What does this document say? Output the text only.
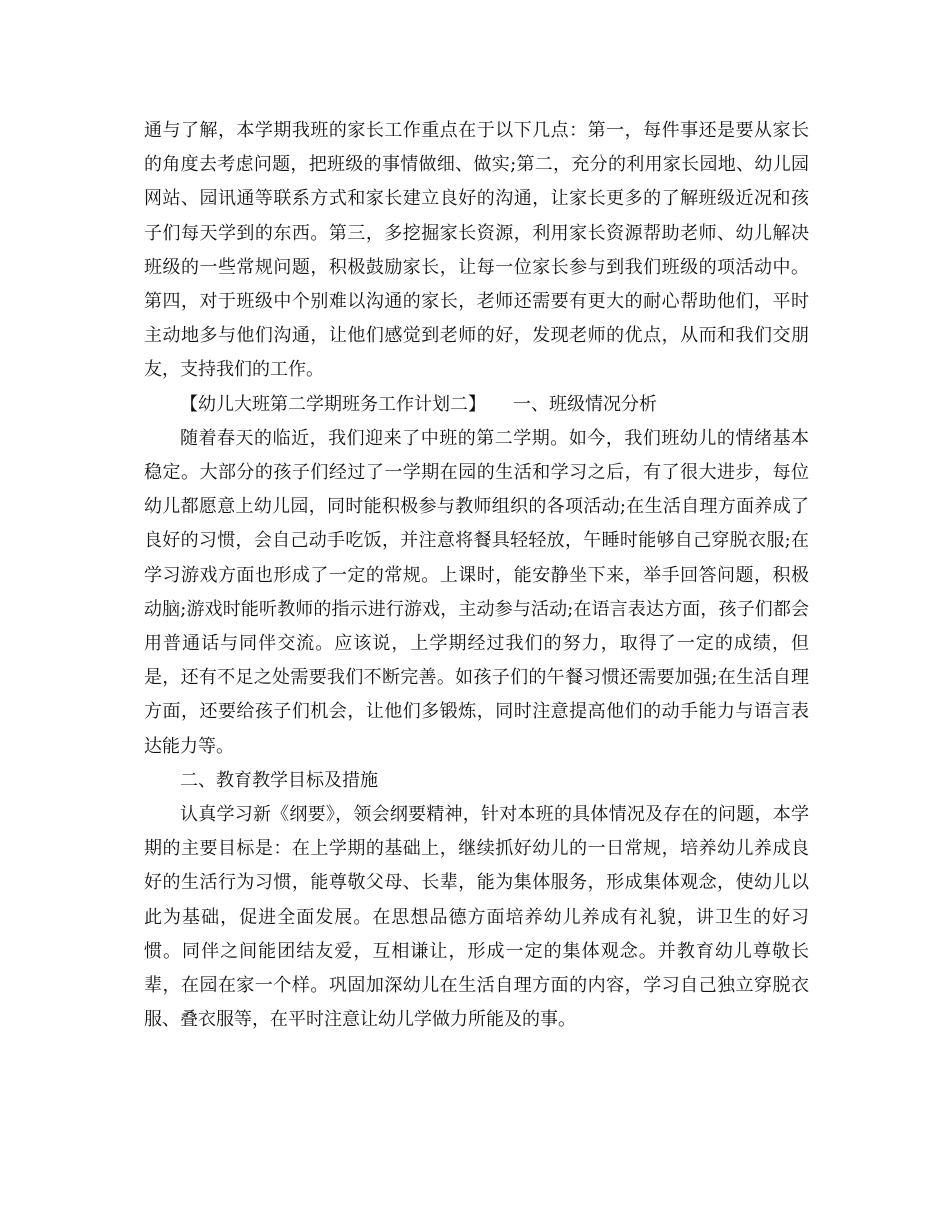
通与了解，本学期我班的家长工作重点在于以下几点：第一，每件事还是要从家长的角度去考虑问题，把班级的事情做细、做实;第二，充分的利用家长园地、幼儿园网站、园讯通等联系方式和家长建立良好的沟通，让家长更多的了解班级近况和孩子们每天学到的东西。第三，多挖掘家长资源，利用家长资源帮助老师、幼儿解决班级的一些常规问题，积极鼓励家长，让每一位家长参与到我们班级的项活动中。第四，对于班级中个别难以沟通的家长，老师还需要有更大的耐心帮助他们，平时主动地多与他们沟通，让他们感觉到老师的好，发现老师的优点，从而和我们交朋友，支持我们的工作。

【幼儿大班第二学期班务工作计划二】　　一、班级情况分析

随着春天的临近，我们迎来了中班的第二学期。如今，我们班幼儿的情绪基本稳定。大部分的孩子们经过了一学期在园的生活和学习之后，有了很大进步，每位幼儿都愿意上幼儿园，同时能积极参与教师组织的各项活动;在生活自理方面养成了良好的习惯，会自己动手吃饭，并注意将餐具轻轻放，午睡时能够自己穿脱衣服;在学习游戏方面也形成了一定的常规。上课时，能安静坐下来，举手回答问题，积极动脑;游戏时能听教师的指示进行游戏，主动参与活动;在语言表达方面，孩子们都会用普通话与同伴交流。应该说，上学期经过我们的努力，取得了一定的成绩，但是，还有不足之处需要我们不断完善。如孩子们的午餐习惯还需要加强;在生活自理方面，还要给孩子们机会，让他们多锻炼，同时注意提高他们的动手能力与语言表达能力等。

二、教育教学目标及措施

认真学习新《纲要》，领会纲要精神，针对本班的具体情况及存在的问题，本学期的主要目标是：在上学期的基础上，继续抓好幼儿的一日常规，培养幼儿养成良好的生活行为习惯，能尊敬父母、长辈，能为集体服务，形成集体观念，使幼儿以此为基础，促进全面发展。在思想品德方面培养幼儿养成有礼貌，讲卫生的好习惯。同伴之间能团结友爱，互相谦让，形成一定的集体观念。并教育幼儿尊敬长辈，在园在家一个样。巩固加深幼儿在生活自理方面的内容，学习自己独立穿脱衣服、叠衣服等，在平时注意让幼儿学做力所能及的事。
